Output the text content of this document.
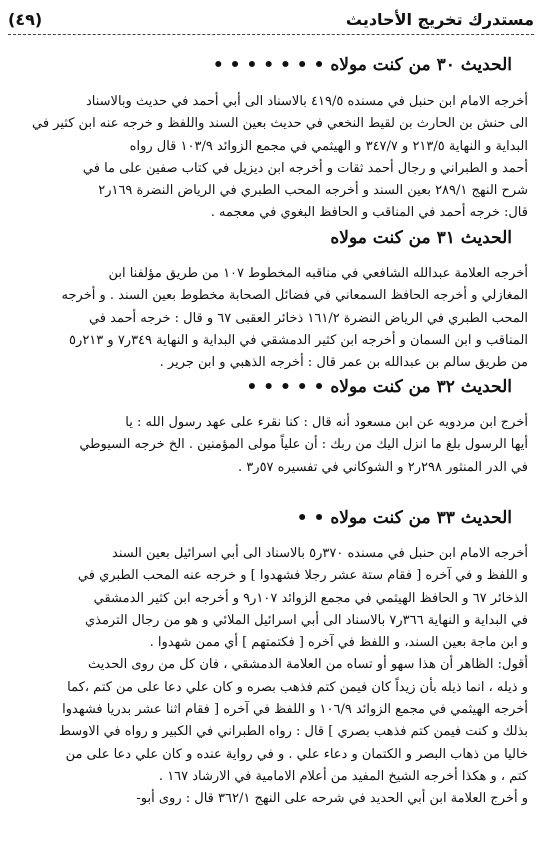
(٤٩)	مستدرك تخريج الأحاديث
الحديث ٣٠ من كنت مولاه • • • • • • •

أخرجه الامام ابن حنبل في مسنده ٤١٩/٥ بالاسناد الى أبي أحمد في حديث وبالاسناد

الى حنش بن الحارث بن لقيط النخعي في حديث بعين السند واللفظ و خرجه عنه ابن كثير في

البداية و النهاية ٢١٣/٥ و ٣٤٧/٧ و الهيثمي في مجمع الزوائد ١٠٣/٩ قال رواه

أحمد و الطبراني و رجال أحمد ثقات و أخرجه ابن ديزيل في كتاب صفين على ما في

شرح النهج ٢٨٩/١ بعين السند و أخرجه المحب الطبري في الرياض النضرة ١٦٩ر٢

قال: خرجه أحمد في المناقب و الحافظ البغوي في معجمه .

الحديث ٣١ من كنت مولاه

أخرجه العلامة عبدالله الشافعي في مناقبه المخطوط ١٠٧ من طريق مؤلفنا ابن

المغازلي و أخرجه الحافظ السمعاني في فضائل الصحابة مخطوط بعين السند . و أخرجه

المحب الطبري في الرياض النضرة ١٦١/٢ ذخائر العقبى ٦٧ و قال : خرجه أحمد في

المناقب و ابن السمان و أخرجه ابن كثير الدمشقي في البداية و النهاية ٣٤٩ر٧ و ٢١٣ر٥

من طريق سالم بن عبدالله بن عمر قال : أخرجه الذهبي و ابن جرير .

الحديث ٣٢ من كنت مولاه • • • • •

أخرج ابن مردويه عن ابن مسعود أنه قال : كنا نقرء على عهد رسول الله : يا

أيها الرسول بلغ ما انزل اليك من ربك : أن علياً مولى المؤمنين . الخ خرجه السيوطي

في الدر المنثور ٢٩٨ر٢ و الشوكاني في تفسيره ٥٧ر٣ .

الحديث ٣٣ من كنت مولاه • •

أخرجه الامام ابن حنبل في مسنده ٣٧٠ر٥ بالاسناد الى أبي اسرائيل بعين السند

و اللفظ و في آخره [ فقام ستة عشر رجلا فشهدوا ] و خرجه عنه المحب الطبري في

الذخائر ٦٧ و الحافظ الهيثمي في مجمع الزوائد ١٠٧ر٩ و أخرجه ابن كثير الدمشقي

في البداية و النهاية ٣٦٦ر٧ بالاسناد الى أبي اسرائيل الملائي و هو من رجال الترمذي

و ابن ماجة بعين السند، و اللفظ في آخره [ فكتمتهم ] أي ممن شهدوا .

أقول: الظاهر أن هذا سهو أو تساه من العلامة الدمشقي ، فان كل من روى الحديث

و ذيله ، انما ذيله بأن زيداً كان فيمن كتم فذهب بصره و كان علي دعا على من كتم ،كما

أخرجه الهيثمي في مجمع الزوائد ١٠٦/٩ و اللفظ في آخره [ فقام اثنا عشر بدريا فشهدوا

بذلك و كنت فيمن كتم فذهب بصري ] قال : رواه الطبراني في الكبير و رواه في الاوسط

خاليا من ذهاب البصر و الكتمان و دعاء علي . و في رواية عنده و كان علي دعا على من

كتم ، و هكذا أخرجه الشيخ المفيد من أعلام الامامية في الارشاد ١٦٧ .

و أخرج العلامة ابن أبي الحديد في شرحه على النهج ٣٦٢/١ قال : روى أبو-
